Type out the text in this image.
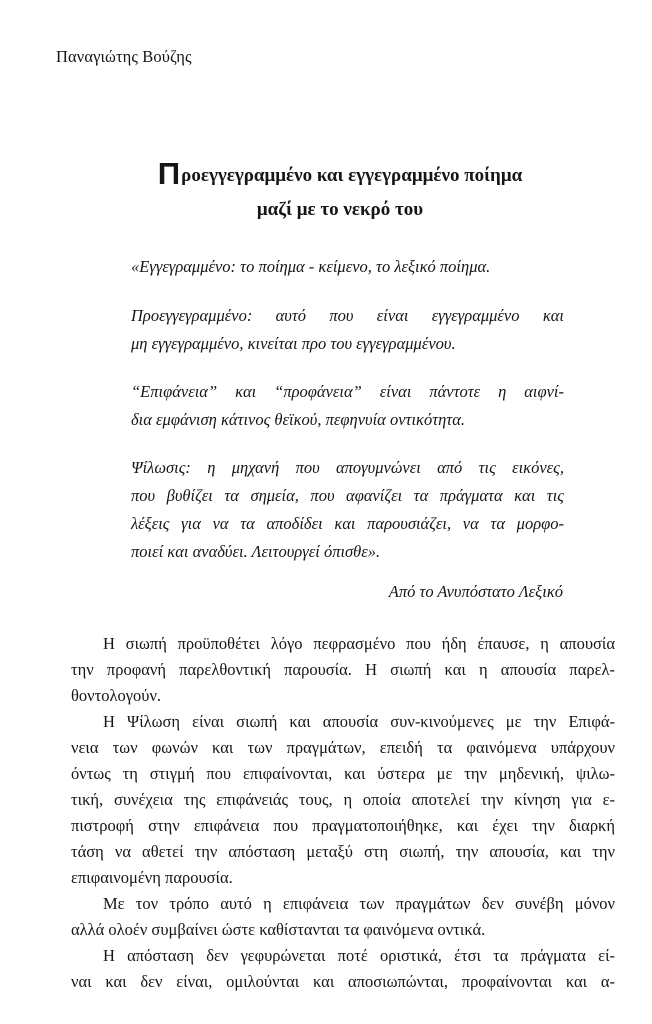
Παναγιώτης Βούζης
Προεγγεγραμμένο και εγγεγραμμένο ποίημα
μαζί με το νεκρό του
«Εγγεγραμμένο: το ποίημα - κείμενο, το λεξικό ποίημα.
Προεγγεγραμμένο: αυτό που είναι εγγεγραμμένο και
μη εγγεγραμμένο, κινείται προ του εγγεγραμμένου.
“Επιφάνεια” και “προφάνεια” είναι πάντοτε η αιφνί-
δια εμφάνιση κάτινος θεϊκού, πεφηνυία οντικότητα.
Ψίλωσις: η μηχανή που απογυμνώνει από τις εικόνες,
που βυθίζει τα σημεία, που αφανίζει τα πράγματα και τις
λέξεις για να τα αποδίδει και παρουσιάζει, να τα μορφο-
ποιεί και αναδύει. Λειτουργεί όπισθε».
Από το Ανυπόστατο Λεξικό
Η σιωπή προϋποθέτει λόγο πεφρασμένο που ήδη έπαυσε, η απουσία
την προφανή παρελθοντική παρουσία. Η σιωπή και η απουσία παρελ-
θοντολογούν.
Η Ψίλωση είναι σιωπή και απουσία συν-κινούμενες με την Επιφά-
νεια των φωνών και των πραγμάτων, επειδή τα φαινόμενα υπάρχουν
όντως τη στιγμή που επιφαίνονται, και ύστερα με την μηδενική, ψιλω-
τική, συνέχεια της επιφάνειάς τους, η οποία αποτελεί την κίνηση για ε-
πιστροφή στην επιφάνεια που πραγματοποιήθηκε, και έχει την διαρκή
τάση να αθετεί την απόσταση μεταξύ στη σιωπή, την απουσία, και την
επιφαινομένη παρουσία.
Με τον τρόπο αυτό η επιφάνεια των πραγμάτων δεν συνέβη μόνον
αλλά ολοέν συμβαίνει ώστε καθίστανται τα φαινόμενα οντικά.
Η απόσταση δεν γεφυρώνεται ποτέ οριστικά, έτσι τα πράγματα εί-
ναι και δεν είναι, ομιλούνται και αποσιωπώνται, προφαίνονται και α-
